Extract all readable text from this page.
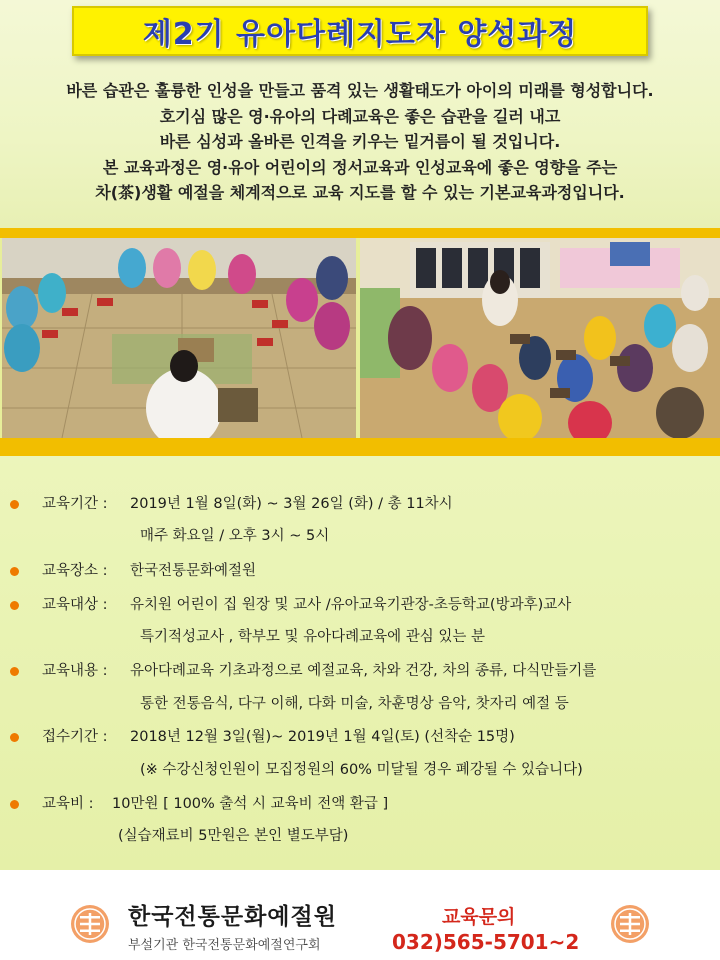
제2기 유아다례지도자 양성과정
바른 습관은 훌륭한 인성을 만들고 품격 있는 생활태도가 아이의 미래를 형성합니다.
호기심 많은 영·유아의 다례교육은 좋은 습관을 길러 내고
바른 심성과 올바른 인격을 키우는 밑거름이 될 것입니다.
본 교육과정은 영·유아 어린이의 정서교육과 인성교육에 좋은 영향을 주는
차(茶)생활 예절을 체계적으로 교육 지도를 할 수 있는 기본교육과정입니다.
교육기간 : 2019년 1월 8일(화) ~ 3월 26일 (화) / 총 11차시
매주 화요일 / 오후 3시 ~ 5시
교육장소 : 한국전통문화예절원
교육대상 : 유치원 어린이 집 원장 및 교사 /유아교육기관장-초등학교(방과후)교사
특기적성교사 , 학부모 및 유아다례교육에 관심 있는 분
교육내용 : 유아다례교육 기초과정으로 예절교육, 차와 건강, 차의 종류, 다식만들기를
통한 전통음식, 다구 이해, 다화 미술, 차훈명상 음악, 찻자리 예절 등
접수기간 : 2018년 12월 3일(월)~ 2019년 1월 4일(토) (선착순 15명)
(※ 수강신청인원이 모집정원의 60% 미달될 경우 폐강될 수 있습니다)
교육비 : 10만원 [ 100% 출석 시 교육비 전액 환급 ]
(실습재료비 5만원은 본인 별도부담)
한국전통문화예절원
부설기관 한국전통문화예절연구회
교육문의
032)565-5701~2
